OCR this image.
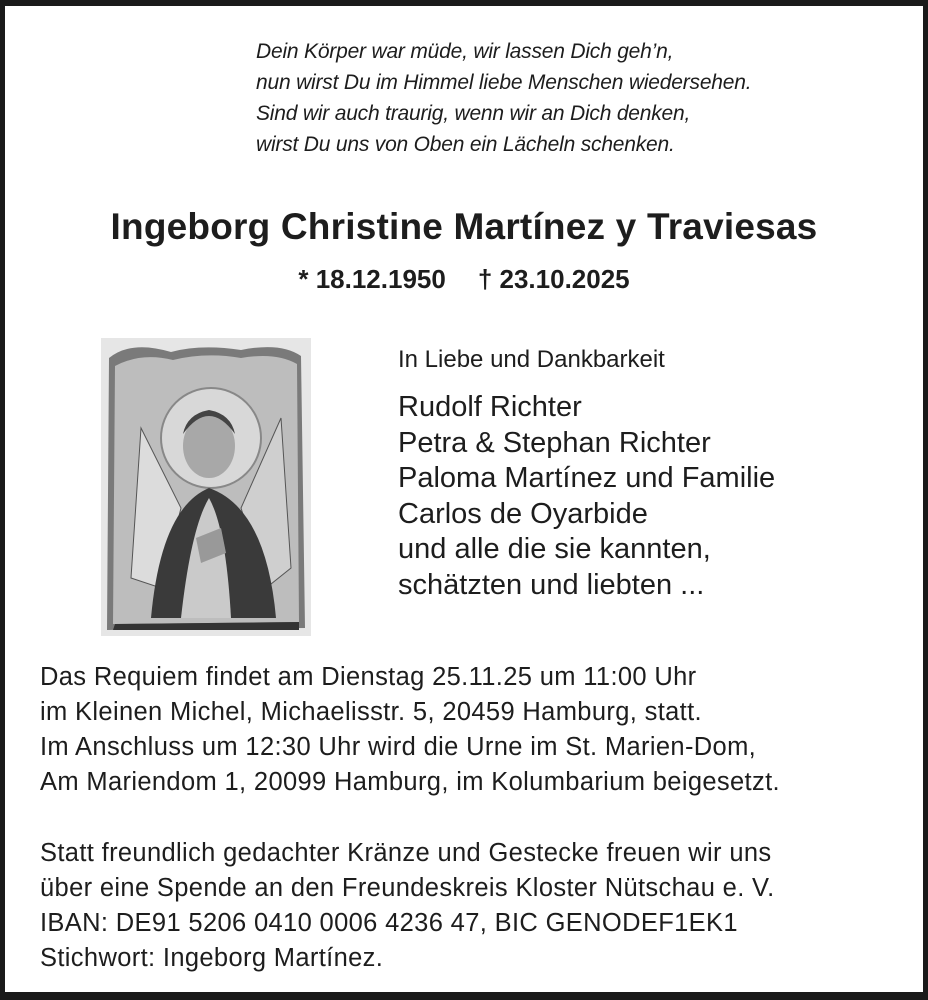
Dein Körper war müde, wir lassen Dich geh’n,
nun wirst Du im Himmel liebe Menschen wiedersehen.
Sind wir auch traurig, wenn wir an Dich denken,
wirst Du uns von Oben ein Lächeln schenken.
Ingeborg Christine Martínez y Traviesas
* 18.12.1950 † 23.10.2025
In Liebe und Dankbarkeit
Rudolf Richter
Petra & Stephan Richter
Paloma Martínez und Familie
Carlos de Oyarbide
und alle die sie kannten,
schätzten und liebten ...
Das Requiem findet am Dienstag 25.11.25 um 11:00 Uhr
im Kleinen Michel, Michaelisstr. 5, 20459 Hamburg, statt.
Im Anschluss um 12:30 Uhr wird die Urne im St. Marien-Dom,
Am Mariendom 1, 20099 Hamburg, im Kolumbarium beigesetzt.
Statt freundlich gedachter Kränze und Gestecke freuen wir uns
über eine Spende an den Freundeskreis Kloster Nütschau e. V.
IBAN: DE91 5206 0410 0006 4236 47, BIC GENODEF1EK1
Stichwort: Ingeborg Martínez.
